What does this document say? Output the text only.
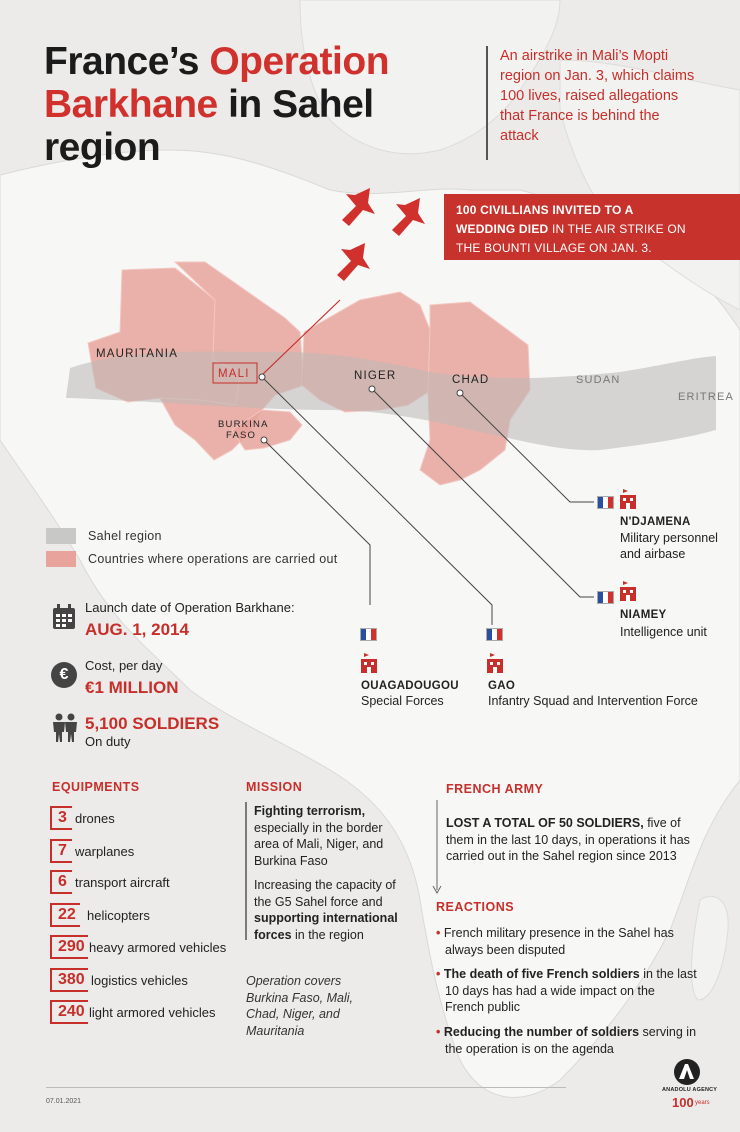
France’s Operation
Barkhane in Sahel
region
An airstrike in Mali’s Mopti
region on Jan. 3, which claims
100 lives, raised allegations
that France is behind the
attack
100 CIVILLIANS INVITED TO A
WEDDING DIED IN THE AIR STRIKE ON
THE BOUNTI VILLAGE ON JAN. 3.
MAURITANIA
MALI	NIGER	CHAD	SUDAN
ERITREA
BURKINA
FASO
Sahel region
Countries where operations are carried out
N'DJAMENA
Military personnel
and airbase
NIAMEY
Intelligence unit
OUAGADOUGOU
Special Forces
GAO
Infantry Squad and Intervention Force
Launch date of Operation Barkhane:
AUG. 1, 2014
€
Cost, per day
€1 MILLION
5,100 SOLDIERS
On duty
EQUIPMENTS
3 drones
7 warplanes
6 transport aircraft
22 helicopters
290 heavy armored vehicles
380 logistics vehicles
240 light armored vehicles
MISSION
Fighting terrorism,
especially in the border
area of Mali, Niger, and
Burkina Faso
Increasing the capacity of
the G5 Sahel force and
supporting international
forces in the region
Operation covers
Burkina Faso, Mali,
Chad, Niger, and
Mauritania
FRENCH ARMY
LOST A TOTAL OF 50 SOLDIERS, five of
them in the last 10 days, in operations it has
carried out in the Sahel region since 2013
REACTIONS
• French military presence in the Sahel has
always been disputed
• The death of five French soldiers in the last
10 days has had a wide impact on the
French public
• Reducing the number of soldiers serving in
the operation is on the agenda
07.01.2021
ANADOLU AGENCY
100 years
